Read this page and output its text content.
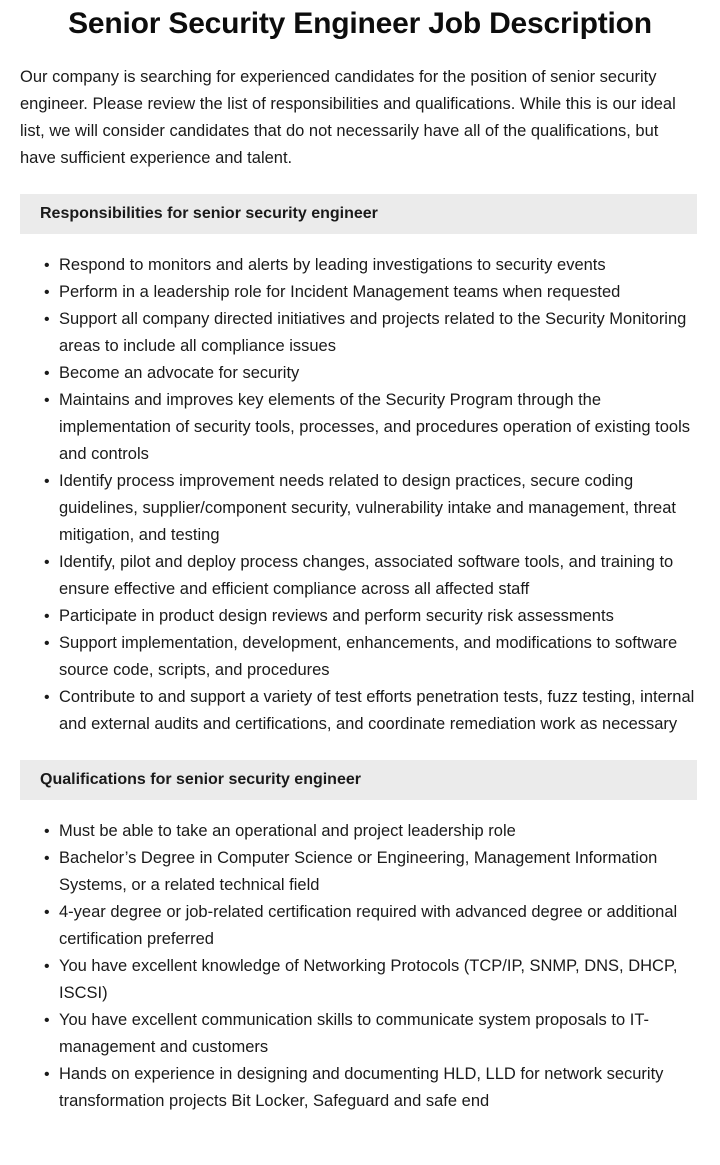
Senior Security Engineer Job Description

Our company is searching for experienced candidates for the position of senior security engineer. Please review the list of responsibilities and qualifications. While this is our ideal list, we will consider candidates that do not necessarily have all of the qualifications, but have sufficient experience and talent.

Responsibilities for senior security engineer
• Respond to monitors and alerts by leading investigations to security events
• Perform in a leadership role for Incident Management teams when requested
• Support all company directed initiatives and projects related to the Security Monitoring areas to include all compliance issues
• Become an advocate for security
• Maintains and improves key elements of the Security Program through the implementation of security tools, processes, and procedures operation of existing tools and controls
• Identify process improvement needs related to design practices, secure coding guidelines, supplier/component security, vulnerability intake and management, threat mitigation, and testing
• Identify, pilot and deploy process changes, associated software tools, and training to ensure effective and efficient compliance across all affected staff
• Participate in product design reviews and perform security risk assessments
• Support implementation, development, enhancements, and modifications to software source code, scripts, and procedures
• Contribute to and support a variety of test efforts penetration tests, fuzz testing, internal and external audits and certifications, and coordinate remediation work as necessary
Qualifications for senior security engineer
• Must be able to take an operational and project leadership role
• Bachelor’s Degree in Computer Science or Engineering, Management Information Systems, or a related technical field
• 4-year degree or job-related certification required with advanced degree or additional certification preferred
• You have excellent knowledge of Networking Protocols (TCP/IP, SNMP, DNS, DHCP, ISCSI)
• You have excellent communication skills to communicate system proposals to IT-management and customers
• Hands on experience in designing and documenting HLD, LLD for network security transformation projects Bit Locker, Safeguard and safe end
